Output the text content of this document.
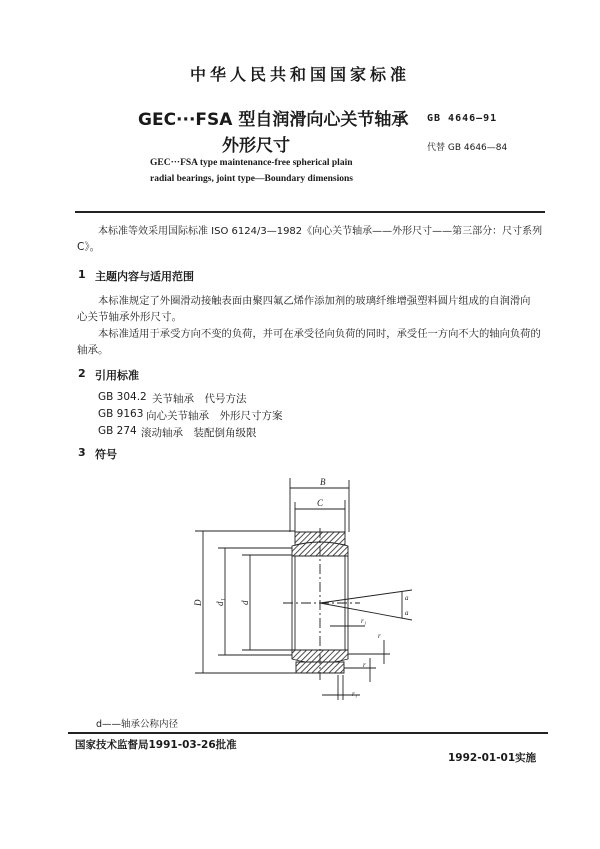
中华人民共和国国家标准
GEC···FSA 型自润滑向心关节轴承
外形尺寸
GEC···FSA type maintenance-free spherical plain
radial bearings, joint type—Boundary dimensions
GB 4646—91
代替 GB 4646—84
本标准等效采用国际标准 ISO 6124/3—1982《向心关节轴承——外形尺寸——第三部分：尺寸系列
C》。
1 主题内容与适用范围
本标准规定了外圈滑动接触表面由聚四氟乙烯作添加剂的玻璃纤维增强塑料圆片组成的自润滑向
心关节轴承外形尺寸。
本标准适用于承受方向不变的负荷，并可在承受径向负荷的同时，承受任一方向不大的轴向负荷的
轴承。
2 引用标准
GB 304.2 关节轴承　代号方法
GB 9163 向心关节轴承　外形尺寸方案
GB 274 滚动轴承　装配倒角级限
3 符号
B
C
D d₁ d
a
a
r₁
r
r
r₁
d——轴承公称内径
国家技术监督局1991-03-26批准
1992-01-01实施
